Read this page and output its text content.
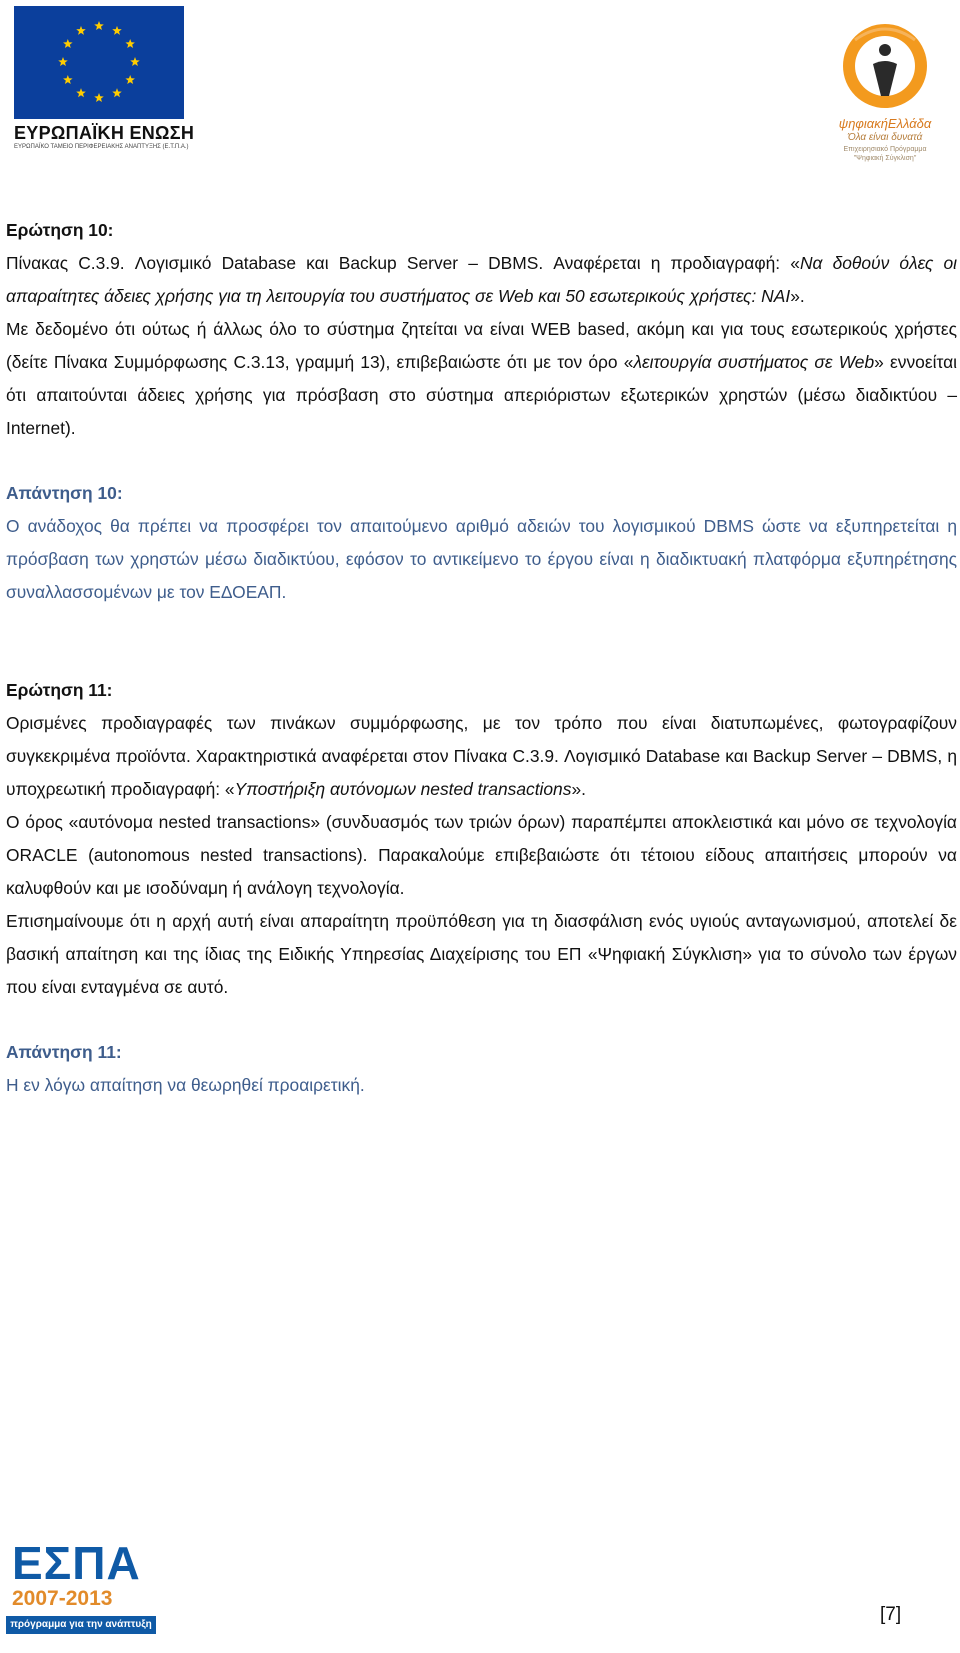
ΕΥΡΩΠΑΪΚΗ ΕΝΩΣΗ
ΕΥΡΩΠΑΪΚΟ ΤΑΜΕΙΟ ΠΕΡΙΦΕΡΕΙΑΚΗΣ ΑΝΑΠΤΥΞΗΣ (Ε.Τ.Π.Α.)
ψηφιακήΕλλάδα
Όλα είναι δυνατά
Επιχειρησιακό Πρόγραμμα
"Ψηφιακή Σύγκλιση"

Ερώτηση 10:

Πίνακας C.3.9. Λογισμικό Database και Backup Server – DBMS. Αναφέρεται η προδιαγραφή: «Να δοθούν όλες οι απαραίτητες άδειες χρήσης για τη λειτουργία του συστήματος σε Web και 50 εσωτερικούς χρήστες: ΝΑΙ».

Με δεδομένο ότι ούτως ή άλλως όλο το σύστημα ζητείται να είναι WEB based, ακόμη και για τους εσωτερικούς χρήστες (δείτε Πίνακα Συμμόρφωσης C.3.13, γραμμή 13), επιβεβαιώστε ότι με τον όρο «λειτουργία συστήματος σε Web» εννοείται ότι απαιτούνται άδειες χρήσης για πρόσβαση στο σύστημα απεριόριστων εξωτερικών χρηστών (μέσω διαδικτύου – Internet).

Απάντηση 10:

Ο ανάδοχος θα πρέπει να προσφέρει τον απαιτούμενο αριθμό αδειών του λογισμικού DBMS ώστε να εξυπηρετείται η πρόσβαση των χρηστών μέσω διαδικτύου, εφόσον το αντικείμενο το έργου είναι η διαδικτυακή πλατφόρμα εξυπηρέτησης συναλλασσομένων με τον ΕΔΟΕΑΠ.

Ερώτηση 11:

Ορισμένες προδιαγραφές των πινάκων συμμόρφωσης, με τον τρόπο που είναι διατυπωμένες, φωτογραφίζουν συγκεκριμένα προϊόντα. Χαρακτηριστικά αναφέρεται στον Πίνακα C.3.9. Λογισμικό Database και Backup Server – DBMS, η υποχρεωτική προδιαγραφή: «Υποστήριξη αυτόνομων nested transactions».

Ο όρος «αυτόνομα nested transactions» (συνδυασμός των τριών όρων) παραπέμπει αποκλειστικά και μόνο σε τεχνολογία ORACLE (autonomous nested transactions). Παρακαλούμε επιβεβαιώστε ότι τέτοιου είδους απαιτήσεις μπορούν να καλυφθούν και με ισοδύναμη ή ανάλογη τεχνολογία.

Επισημαίνουμε ότι η αρχή αυτή είναι απαραίτητη προϋπόθεση για τη διασφάλιση ενός υγιούς ανταγωνισμού, αποτελεί δε βασική απαίτηση και της ίδιας της Ειδικής Υπηρεσίας Διαχείρισης του ΕΠ «Ψηφιακή Σύγκλιση» για το σύνολο των έργων που είναι ενταγμένα σε αυτό.

Απάντηση 11:

Η εν λόγω απαίτηση να θεωρηθεί προαιρετική.

ΕΣΠΑ
2007-2013
πρόγραμμα για την ανάπτυξη	[7]
